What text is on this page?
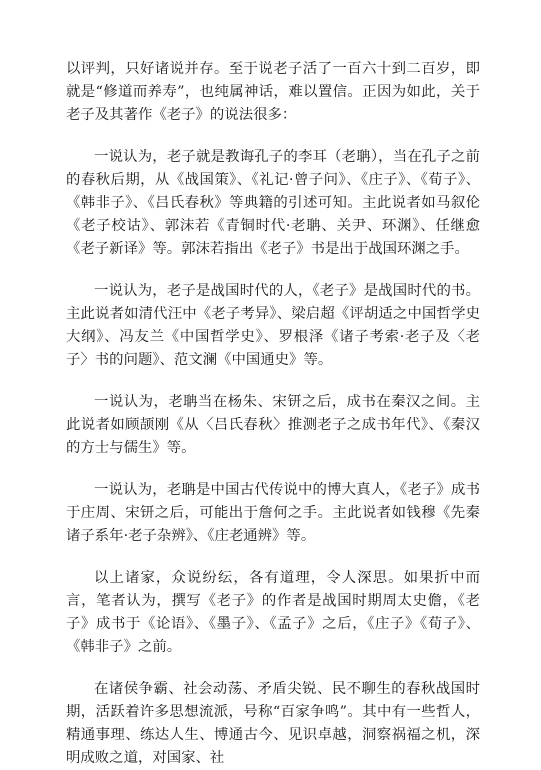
以评判，只好诸说并存。至于说老子活了一百六十到二百岁，即就是“修道而养寿”，也纯属神话，难以置信。正因为如此，关于老子及其著作《老子》的说法很多：

一说认为，老子就是教诲孔子的李耳（老聃），当在孔子之前的春秋后期，从《战国策》、《礼记·曾子问》、《庄子》、《荀子》、《韩非子》、《吕氏春秋》等典籍的引述可知。主此说者如马叙伦《老子校诂》、郭沫若《青铜时代·老聃、关尹、环渊》、任继愈《老子新译》等。郭沫若指出《老子》书是出于战国环渊之手。

一说认为，老子是战国时代的人，《老子》是战国时代的书。主此说者如清代汪中《老子考异》、梁启超《评胡适之中国哲学史大纲》、冯友兰《中国哲学史》、罗根泽《诸子考索·老子及〈老子〉书的问题》、范文澜《中国通史》等。

一说认为，老聃当在杨朱、宋钘之后，成书在秦汉之间。主此说者如顾颉刚《从〈吕氏春秋〉推测老子之成书年代》、《秦汉的方士与儒生》等。

一说认为，老聃是中国古代传说中的博大真人，《老子》成书于庄周、宋钘之后，可能出于詹何之手。主此说者如钱穆《先秦诸子系年·老子杂辨》、《庄老通辨》等。

以上诸家，众说纷纭，各有道理，令人深思。如果折中而言，笔者认为，撰写《老子》的作者是战国时期周太史儋，《老子》成书于《论语》、《墨子》、《孟子》之后，《庄子》《荀子》、《韩非子》之前。

在诸侯争霸、社会动荡、矛盾尖锐、民不聊生的春秋战国时期，活跃着许多思想流派，号称“百家争鸣”。其中有一些哲人，精通事理、练达人生、博通古今、见识卓越，洞察祸福之机，深明成败之道，对国家、社
